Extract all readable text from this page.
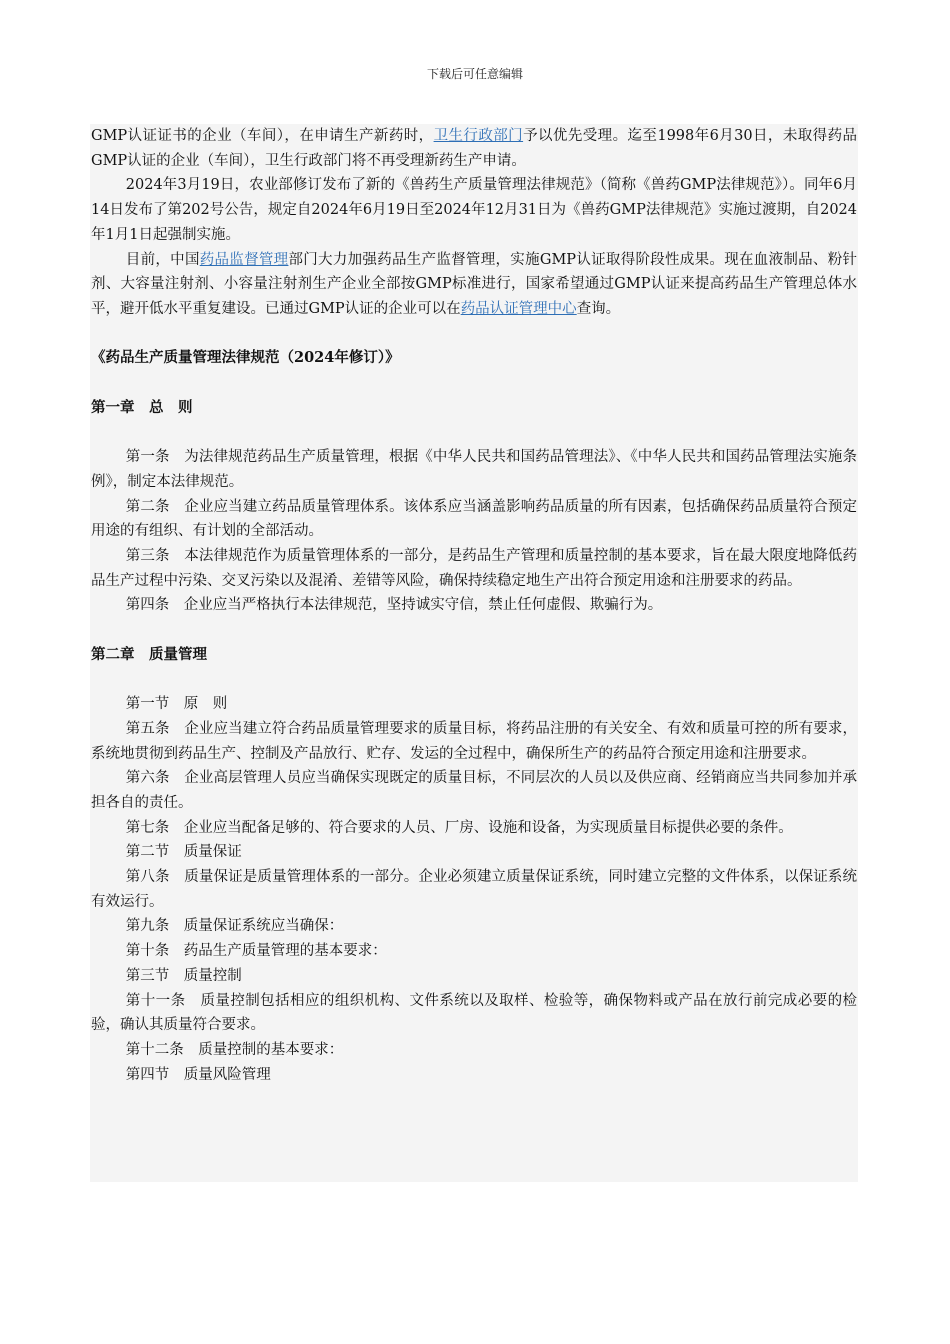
下载后可任意编辑

GMP认证证书的企业（车间），在申请生产新药时，卫生行政部门予以优先受理。迄至1998年6月30日，未取得药品GMP认证的企业（车间），卫生行政部门将不再受理新药生产申请。

2024年3月19日，农业部修订发布了新的《兽药生产质量管理法律规范》（简称《兽药GMP法律规范》）。同年6月14日发布了第202号公告，规定自2024年6月19日至2024年12月31日为《兽药GMP法律规范》实施过渡期，自2024年1月1日起强制实施。

目前，中国药品监督管理部门大力加强药品生产监督管理，实施GMP认证取得阶段性成果。现在血液制品、粉针剂、大容量注射剂、小容量注射剂生产企业全部按GMP标准进行，国家希望通过GMP认证来提高药品生产管理总体水平，避开低水平重复建设。已通过GMP认证的企业可以在药品认证管理中心查询。

《药品生产质量管理法律规范（2024年修订）》

第一章　总　则

第一条　为法律规范药品生产质量管理，根据《中华人民共和国药品管理法》、《中华人民共和国药品管理法实施条例》，制定本法律规范。

第二条　企业应当建立药品质量管理体系。该体系应当涵盖影响药品质量的所有因素，包括确保药品质量符合预定用途的有组织、有计划的全部活动。

第三条　本法律规范作为质量管理体系的一部分，是药品生产管理和质量控制的基本要求，旨在最大限度地降低药品生产过程中污染、交叉污染以及混淆、差错等风险，确保持续稳定地生产出符合预定用途和注册要求的药品。

第四条　企业应当严格执行本法律规范，坚持诚实守信，禁止任何虚假、欺骗行为。

第二章　质量管理

第一节　原　则

第五条　企业应当建立符合药品质量管理要求的质量目标，将药品注册的有关安全、有效和质量可控的所有要求，系统地贯彻到药品生产、控制及产品放行、贮存、发运的全过程中，确保所生产的药品符合预定用途和注册要求。

第六条　企业高层管理人员应当确保实现既定的质量目标，不同层次的人员以及供应商、经销商应当共同参加并承担各自的责任。

第七条　企业应当配备足够的、符合要求的人员、厂房、设施和设备，为实现质量目标提供必要的条件。

第二节　质量保证

第八条　质量保证是质量管理体系的一部分。企业必须建立质量保证系统，同时建立完整的文件体系，以保证系统有效运行。

第九条　质量保证系统应当确保：

第十条　药品生产质量管理的基本要求：

第三节　质量控制

第十一条　质量控制包括相应的组织机构、文件系统以及取样、检验等，确保物料或产品在放行前完成必要的检验，确认其质量符合要求。

第十二条　质量控制的基本要求：

第四节　质量风险管理
